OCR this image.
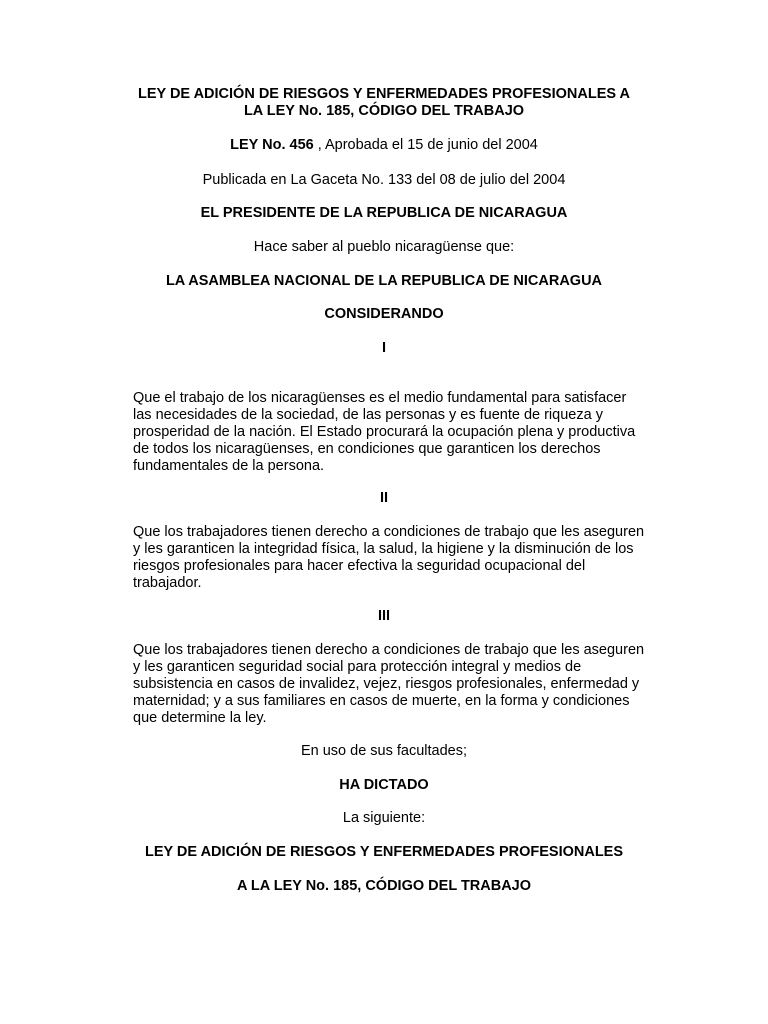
LEY DE ADICIÓN DE RIESGOS Y ENFERMEDADES PROFESIONALES A
LA LEY No. 185, CÓDIGO DEL TRABAJO
LEY No. 456 , Aprobada el 15 de junio del 2004
Publicada en La Gaceta No. 133 del 08 de julio del 2004
EL PRESIDENTE DE LA REPUBLICA DE NICARAGUA
Hace saber al pueblo nicaragüense que:
LA ASAMBLEA NACIONAL DE LA REPUBLICA DE NICARAGUA
CONSIDERANDO
I
Que el trabajo de los nicaragüenses es el medio fundamental para satisfacer
las necesidades de la sociedad, de las personas y es fuente de riqueza y
prosperidad de la nación. El Estado procurará la ocupación plena y productiva
de todos los nicaragüenses, en condiciones que garanticen los derechos
fundamentales de la persona.
II
Que los trabajadores tienen derecho a condiciones de trabajo que les aseguren
y les garanticen la integridad física, la salud, la higiene y la disminución de los
riesgos profesionales para hacer efectiva la seguridad ocupacional del
trabajador.
III
Que los trabajadores tienen derecho a condiciones de trabajo que les aseguren
y les garanticen seguridad social para protección integral y medios de
subsistencia en casos de invalidez, vejez, riesgos profesionales, enfermedad y
maternidad; y a sus familiares en casos de muerte, en la forma y condiciones
que determine la ley.
En uso de sus facultades;
HA DICTADO
La siguiente:
LEY DE ADICIÓN DE RIESGOS Y ENFERMEDADES PROFESIONALES
A LA LEY No. 185, CÓDIGO DEL TRABAJO
